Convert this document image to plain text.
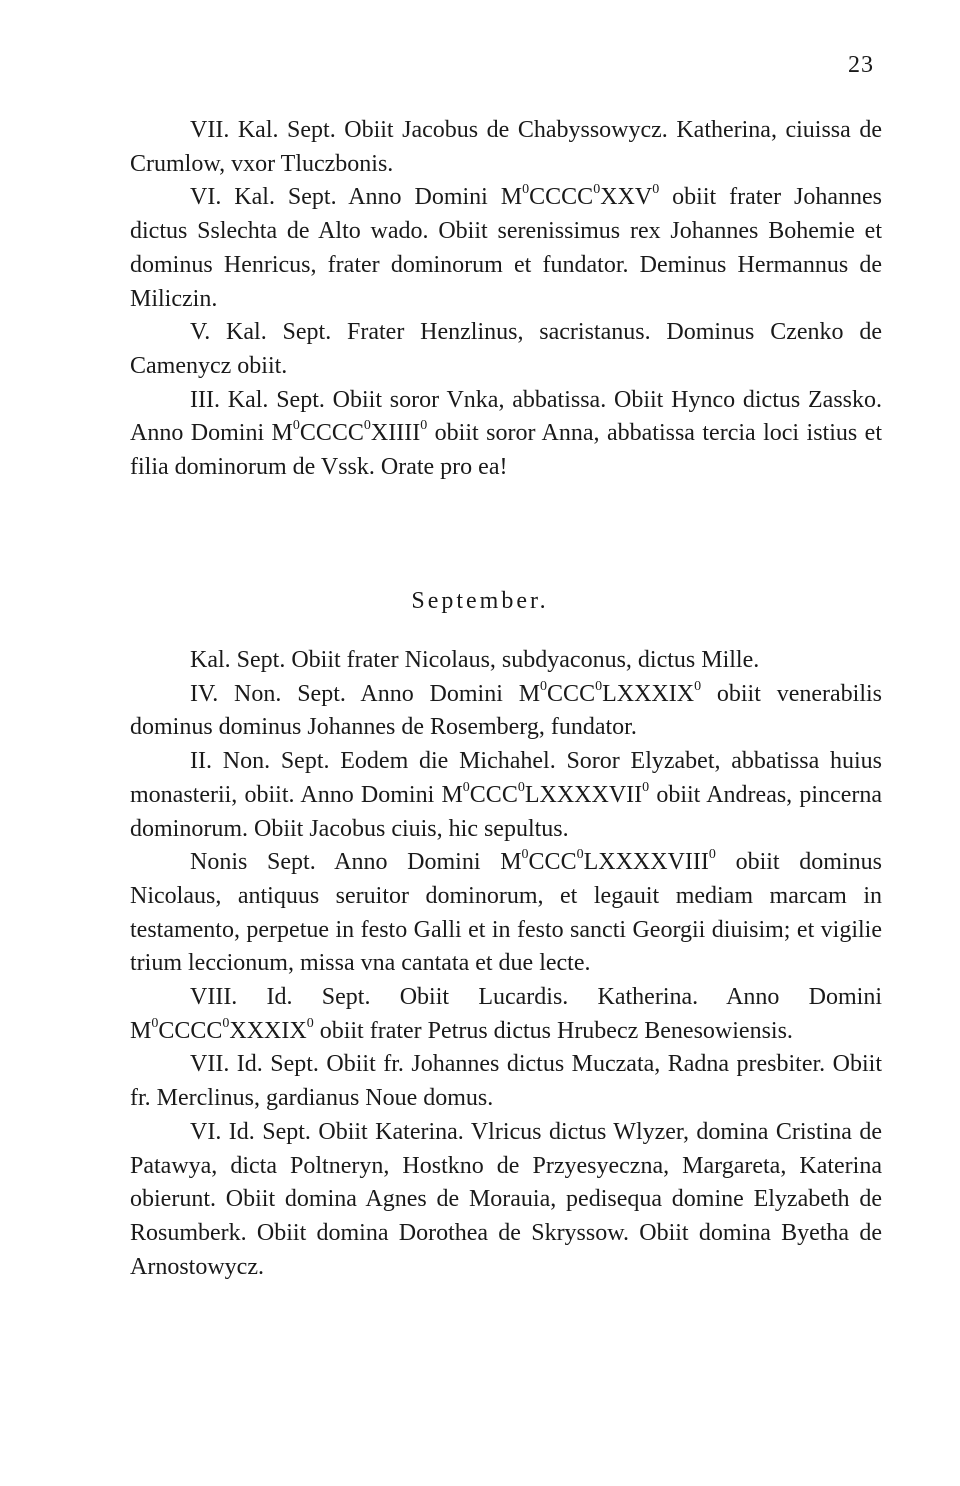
23

VII. Kal. Sept. Obiit Jacobus de Chabyssowycz. Katherina, ciuissa de Crumlow, vxor Tluczbonis.

VI. Kal. Sept. Anno Domini $M^0CCCC^0XXV^0$ obiit frater Johannes dictus Sslechta de Alto wado. Obiit serenissimus rex Johannes Bohemie et dominus Henricus, frater dominorum et fundator. Deminus Hermannus de Miliczin.

V. Kal. Sept. Frater Henzlinus, sacristanus. Dominus Czenko de Camenycz obiit.

III. Kal. Sept. Obiit soror Vnka, abbatissa. Obiit Hynco dictus Zassko. Anno Domini $M^0CCCC^0XIIII^0$ obiit soror Anna, abbatissa tercia loci istius et filia dominorum de Vssk. Orate pro ea!

September.

Kal. Sept. Obiit frater Nicolaus, subdyaconus, dictus Mille.

IV. Non. Sept. Anno Domini $M^0CCC^0LXXXIX^0$ obiit venerabilis dominus dominus Johannes de Rosemberg, fundator.

II. Non. Sept. Eodem die Michahel. Soror Elyzabet, abbatissa huius monasterii, obiit. Anno Domini $M^0CCC^0LXXXXVII^0$ obiit Andreas, pincerna dominorum. Obiit Jacobus ciuis, hic sepultus.

Nonis Sept. Anno Domini $M^0CCC^0LXXXXVIII^0$ obiit dominus Nicolaus, antiquus seruitor dominorum, et legauit mediam marcam in testamento, perpetue in festo Galli et in festo sancti Georgii diuisim; et vigilie trium leccionum, missa vna cantata et due lecte.

VIII. Id. Sept. Obiit Lucardis. Katherina. Anno Domini $M^0CCCC^0XXXIX^0$ obiit frater Petrus dictus Hrubecz Benesowiensis.

VII. Id. Sept. Obiit fr. Johannes dictus Muczata, Radna presbiter. Obiit fr. Merclinus, gardianus Noue domus.

VI. Id. Sept. Obiit Katerina. Vlricus dictus Wlyzer, domina Cristina de Patawya, dicta Poltneryn, Hostkno de Przyesyeczna, Margareta, Katerina obierunt. Obiit domina Agnes de Morauia, pedisequa domine Elyzabeth de Rosumberk. Obiit domina Dorothea de Skryssow. Obiit domina Byetha de Arnostowycz.
